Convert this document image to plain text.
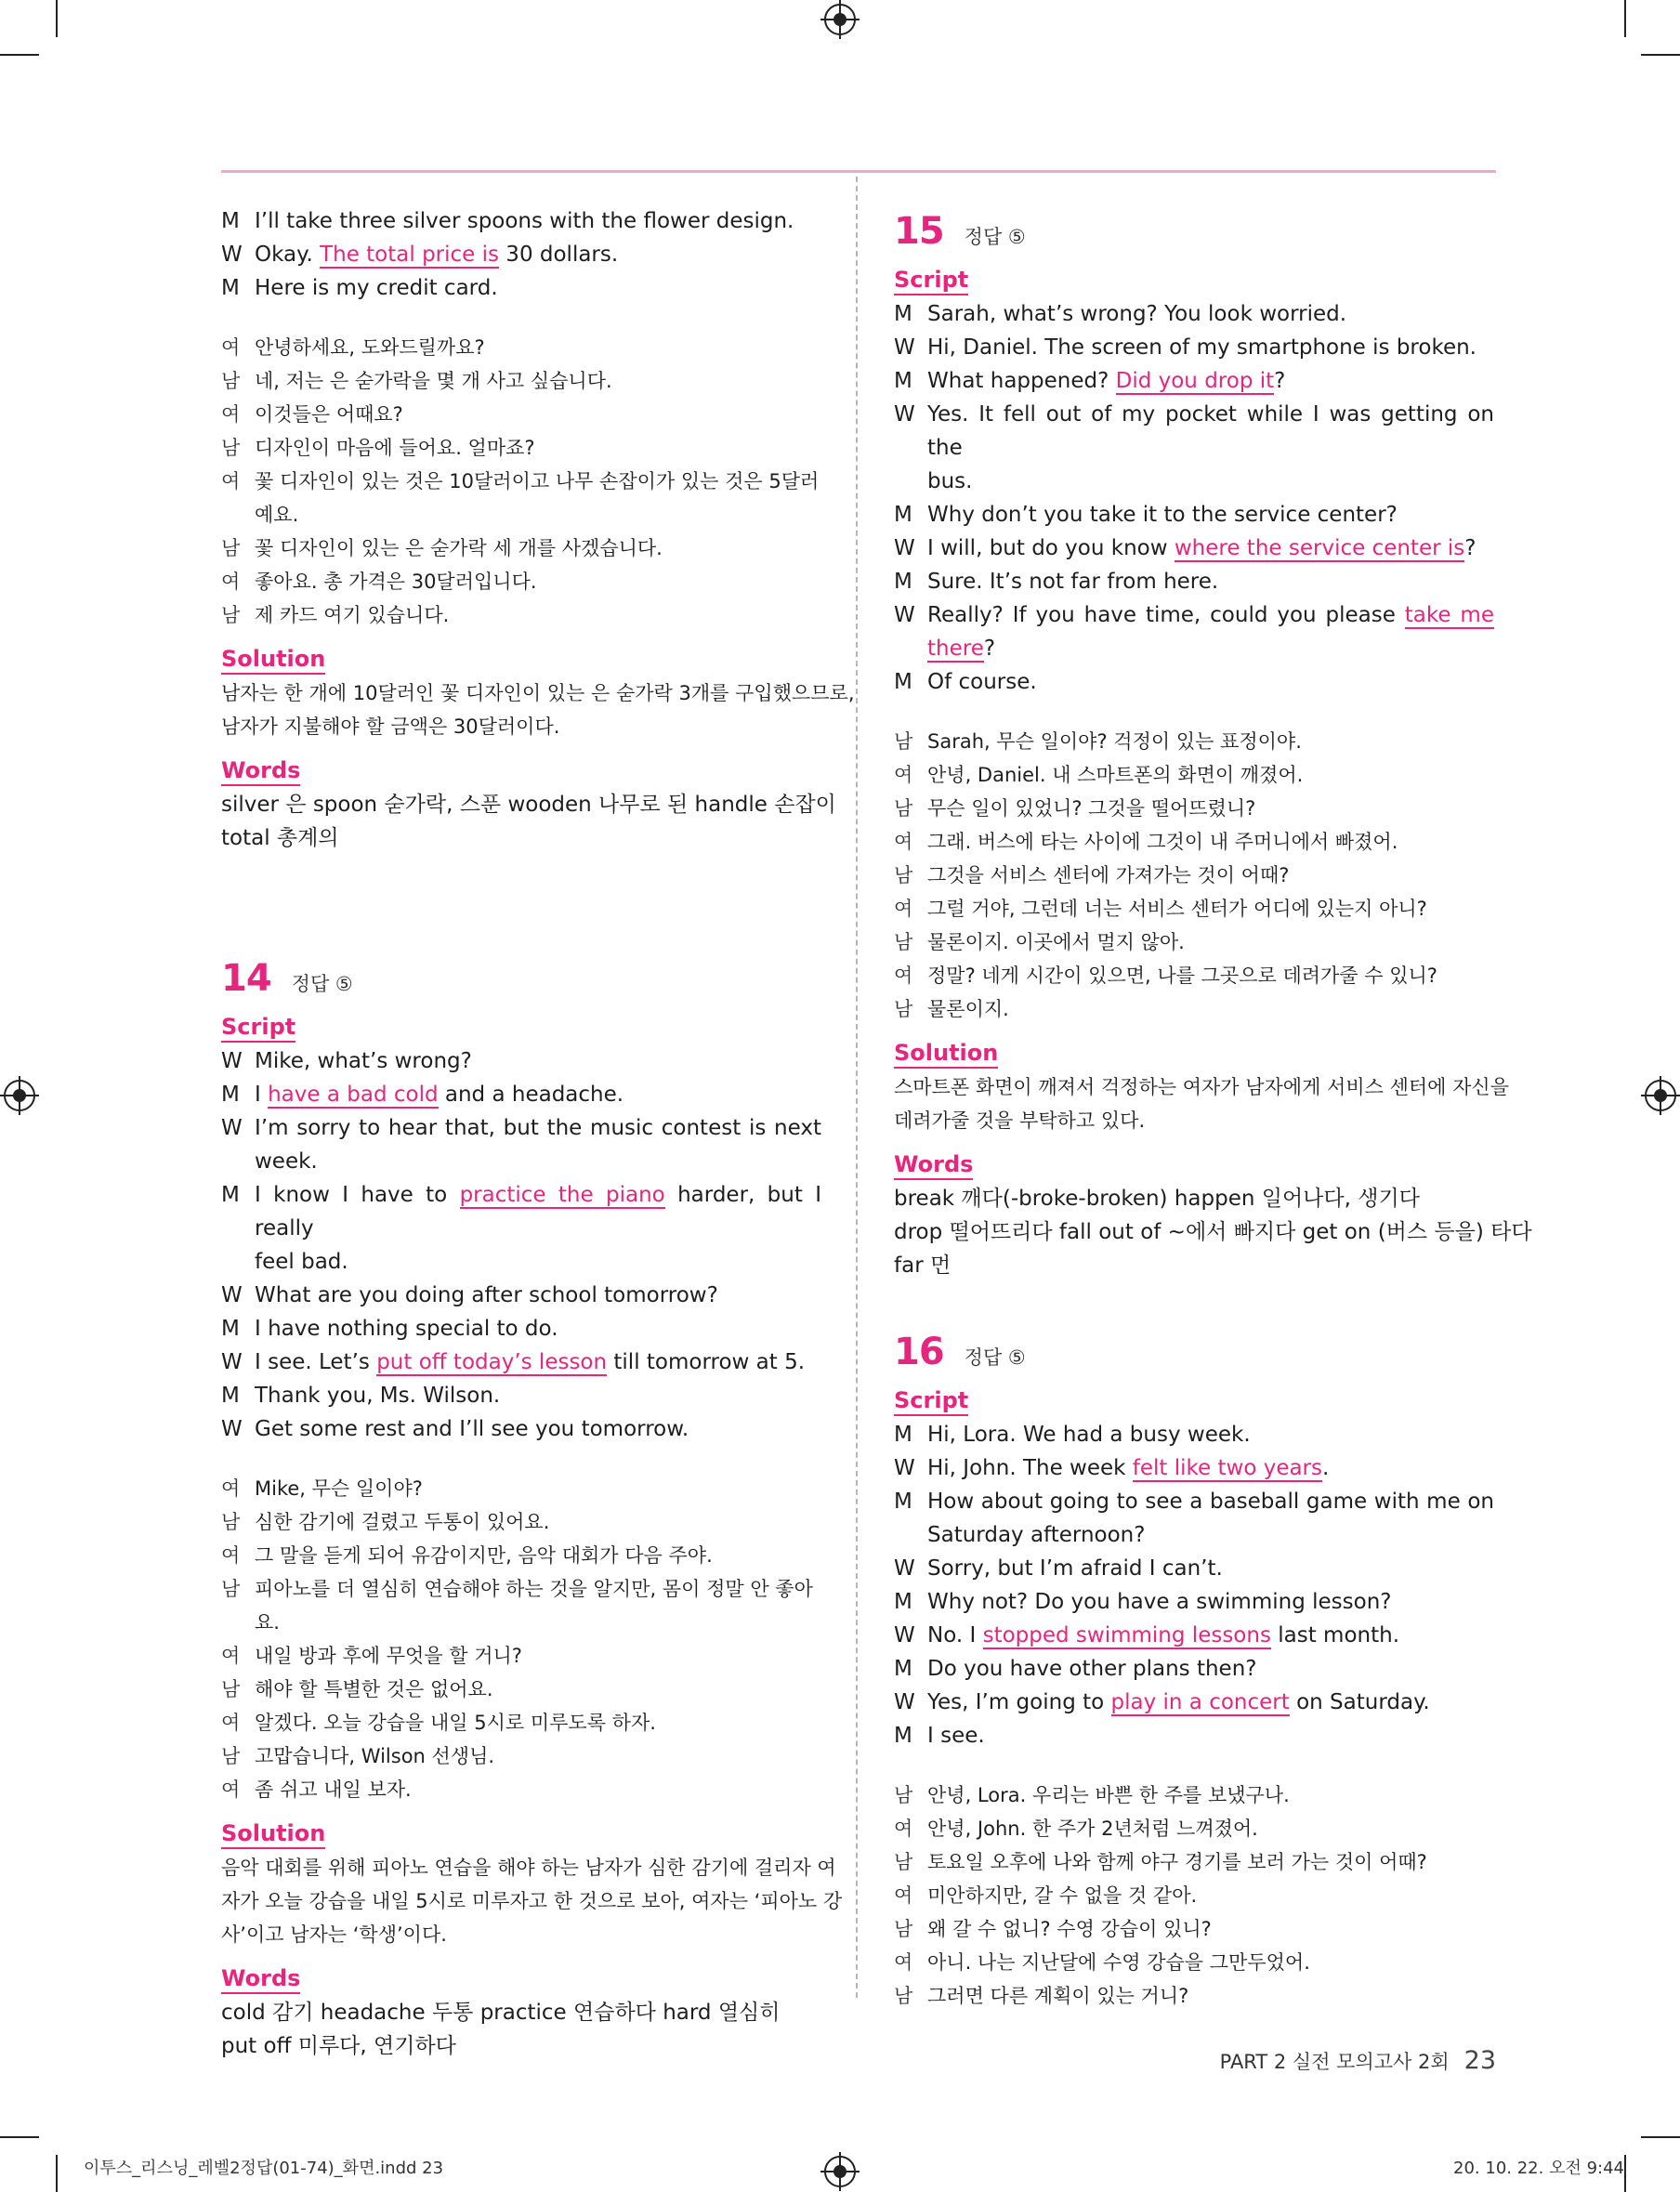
M I’ll take three silver spoons with the flower design.
W Okay. The total price is 30 dollars.
M Here is my credit card.
여 안녕하세요, 도와드릴까요?
남 네, 저는 은 숟가락을 몇 개 사고 싶습니다.
여 이것들은 어때요?
남 디자인이 마음에 들어요. 얼마죠?
여 꽃 디자인이 있는 것은 10달러이고 나무 손잡이가 있는 것은 5달러예요.
남 꽃 디자인이 있는 은 숟가락 세 개를 사겠습니다.
여 좋아요. 총 가격은 30달러입니다.
남 제 카드 여기 있습니다.
Solution
남자는 한 개에 10달러인 꽃 디자인이 있는 은 숟가락 3개를 구입했으므로,
남자가 지불해야 할 금액은 30달러이다.
Words
silver 은 spoon 숟가락, 스푼 wooden 나무로 된 handle 손잡이
total 총계의
14 정답 ⑤
Script
W Mike, what’s wrong?
M I have a bad cold and a headache.
W I’m sorry to hear that, but the music contest is next
week.
M I know I have to practice the piano harder, but I really
feel bad.
W What are you doing after school tomorrow?
M I have nothing special to do.
W I see. Let’s put off today’s lesson till tomorrow at 5.
M Thank you, Ms. Wilson.
W Get some rest and I’ll see you tomorrow.
여 Mike, 무슨 일이야?
남 심한 감기에 걸렸고 두통이 있어요.
여 그 말을 듣게 되어 유감이지만, 음악 대회가 다음 주야.
남 피아노를 더 열심히 연습해야 하는 것을 알지만, 몸이 정말 안 좋아요.
여 내일 방과 후에 무엇을 할 거니?
남 해야 할 특별한 것은 없어요.
여 알겠다. 오늘 강습을 내일 5시로 미루도록 하자.
남 고맙습니다, Wilson 선생님.
여 좀 쉬고 내일 보자.
Solution
음악 대회를 위해 피아노 연습을 해야 하는 남자가 심한 감기에 걸리자 여
자가 오늘 강습을 내일 5시로 미루자고 한 것으로 보아, 여자는 ‘피아노 강
사’이고 남자는 ‘학생’이다.
Words
cold 감기 headache 두통 practice 연습하다 hard 열심히
put off 미루다, 연기하다
15 정답 ⑤
Script
M Sarah, what’s wrong? You look worried.
W Hi, Daniel. The screen of my smartphone is broken.
M What happened? Did you drop it?
W Yes. It fell out of my pocket while I was getting on the
bus.
M Why don’t you take it to the service center?
W I will, but do you know where the service center is?
M Sure. It’s not far from here.
W Really? If you have time, could you please take me
there?
M Of course.
남 Sarah, 무슨 일이야? 걱정이 있는 표정이야.
여 안녕, Daniel. 내 스마트폰의 화면이 깨졌어.
남 무슨 일이 있었니? 그것을 떨어뜨렸니?
여 그래. 버스에 타는 사이에 그것이 내 주머니에서 빠졌어.
남 그것을 서비스 센터에 가져가는 것이 어때?
여 그럴 거야, 그런데 너는 서비스 센터가 어디에 있는지 아니?
남 물론이지. 이곳에서 멀지 않아.
여 정말? 네게 시간이 있으면, 나를 그곳으로 데려가줄 수 있니?
남 물론이지.
Solution
스마트폰 화면이 깨져서 걱정하는 여자가 남자에게 서비스 센터에 자신을
데려가줄 것을 부탁하고 있다.
Words
break 깨다(-broke-broken) happen 일어나다, 생기다
drop 떨어뜨리다 fall out of ~에서 빠지다 get on (버스 등을) 타다
far 먼
16 정답 ⑤
Script
M Hi, Lora. We had a busy week.
W Hi, John. The week felt like two years.
M How about going to see a baseball game with me on
Saturday afternoon?
W Sorry, but I’m afraid I can’t.
M Why not? Do you have a swimming lesson?
W No. I stopped swimming lessons last month.
M Do you have other plans then?
W Yes, I’m going to play in a concert on Saturday.
M I see.
남 안녕, Lora. 우리는 바쁜 한 주를 보냈구나.
여 안녕, John. 한 주가 2년처럼 느껴졌어.
남 토요일 오후에 나와 함께 야구 경기를 보러 가는 것이 어때?
여 미안하지만, 갈 수 없을 것 같아.
남 왜 갈 수 없니? 수영 강습이 있니?
여 아니. 나는 지난달에 수영 강습을 그만두었어.
남 그러면 다른 계획이 있는 거니?
PART 2 실전 모의고사 2회 23
이투스_리스닝_레벨2정답(01-74)_화면.indd 23	20. 10. 22. 오전 9:44
